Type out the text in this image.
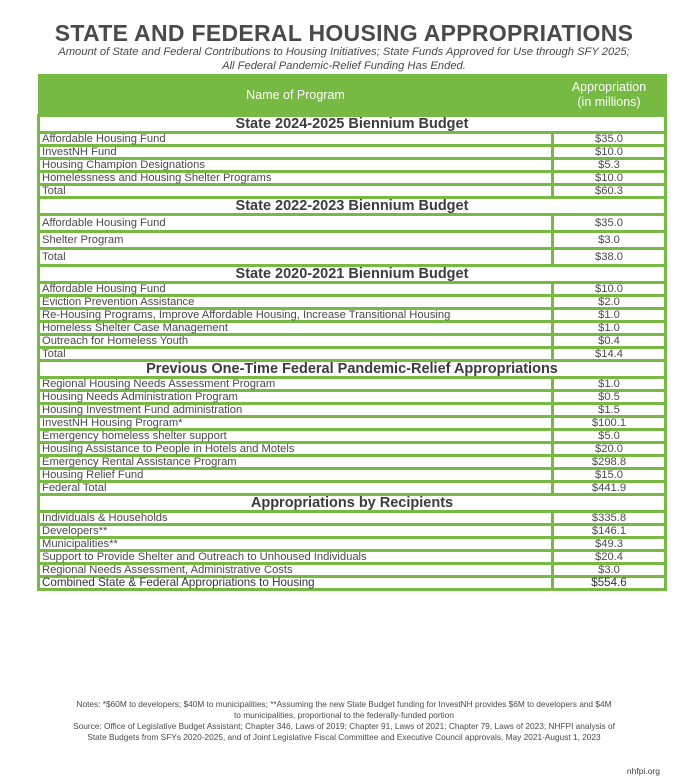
STATE AND FEDERAL HOUSING APPROPRIATIONS
Amount of State and Federal Contributions to Housing Initiatives; State Funds Approved for Use through SFY 2025;
All Federal Pandemic-Relief Funding Has Ended.
Name of Program	Appropriation
(in millions)

State 2024-2025 Biennium Budget	
Affordable Housing Fund	$35.0
InvestNH Fund	$10.0
Housing Champion Designations	$5.3
Homelessness and Housing Shelter Programs	$10.0
Total	$60.3
State 2022-2023 Biennium Budget	
Affordable Housing Fund	$35.0
Shelter Program	$3.0
Total	$38.0
State 2020-2021 Biennium Budget	
Affordable Housing Fund	$10.0
Eviction Prevention Assistance	$2.0
Re-Housing Programs, Improve Affordable Housing, Increase Transitional Housing	$1.0
Homeless Shelter Case Management	$1.0
Outreach for Homeless Youth	$0.4
Total	$14.4
Previous One-Time Federal Pandemic-Relief Appropriations	
Regional Housing Needs Assessment Program	$1.0
Housing Needs Administration Program	$0.5
Housing Investment Fund administration	$1.5
InvestNH Housing Program*	$100.1
Emergency homeless shelter support	$5.0
Housing Assistance to People in Hotels and Motels	$20.0
Emergency Rental Assistance Program	$298.8
Housing Relief Fund	$15.0
Federal Total	$441.9
Appropriations by Recipients	
Individuals & Households	$335.8
Developers**	$146.1
Municipalities**	$49.3
Support to Provide Shelter and Outreach to Unhoused Individuals	$20.4
Regional Needs Assessment, Administrative Costs	$3.0
Combined State & Federal Appropriations to Housing	$554.6
Notes: *$60M to developers; $40M to municipalities; **Assuming the new State Budget funding for InvestNH provides $6M to developers and $4M
to municipalities, proportional to the federally-funded portion
Source: Office of Legislative Budget Assistant; Chapter 346, Laws of 2019; Chapter 91, Laws of 2021; Chapter 79, Laws of 2023; NHFPI analysis of
State Budgets from SFYs 2020-2025, and of Joint Legislative Fiscal Committee and Executive Council approvals, May 2021-August 1, 2023
nhfpi.org
